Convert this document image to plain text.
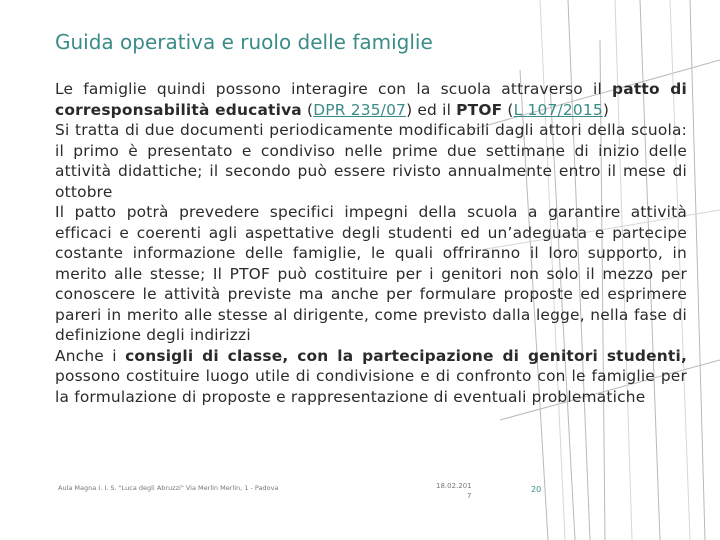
Guida operativa e ruolo delle famiglie

Le famiglie quindi possono interagire con la scuola attraverso il patto di corresponsabilità educativa (DPR 235/07) ed il PTOF (L 107/2015)

Si tratta di due documenti periodicamente modificabili dagli attori della scuola: il primo è presentato e condiviso nelle prime due settimane di inizio delle attività didattiche; il secondo può essere rivisto annualmente entro il mese di ottobre

Il patto potrà prevedere specifici impegni della scuola a garantire attività efficaci e coerenti agli aspettative degli studenti ed un’adeguata e partecipe costante informazione delle famiglie, le quali offriranno il loro supporto, in merito alle stesse; Il PTOF può costituire per i genitori non solo il mezzo per conoscere le attività previste ma anche per formulare proposte ed esprimere pareri in merito alle stesse al dirigente, come previsto dalla legge, nella fase di definizione degli indirizzi

Anche i consigli di classe, con la partecipazione di genitori studenti, possono costituire luogo utile di condivisione e di confronto con le famiglie per la formulazione di proposte e rappresentazione di eventuali problematiche

Aula Magna I. I. S. "Luca degli Abruzzi" Via Merlin Merlin, 1 - Padova	18.02.201
7
20
